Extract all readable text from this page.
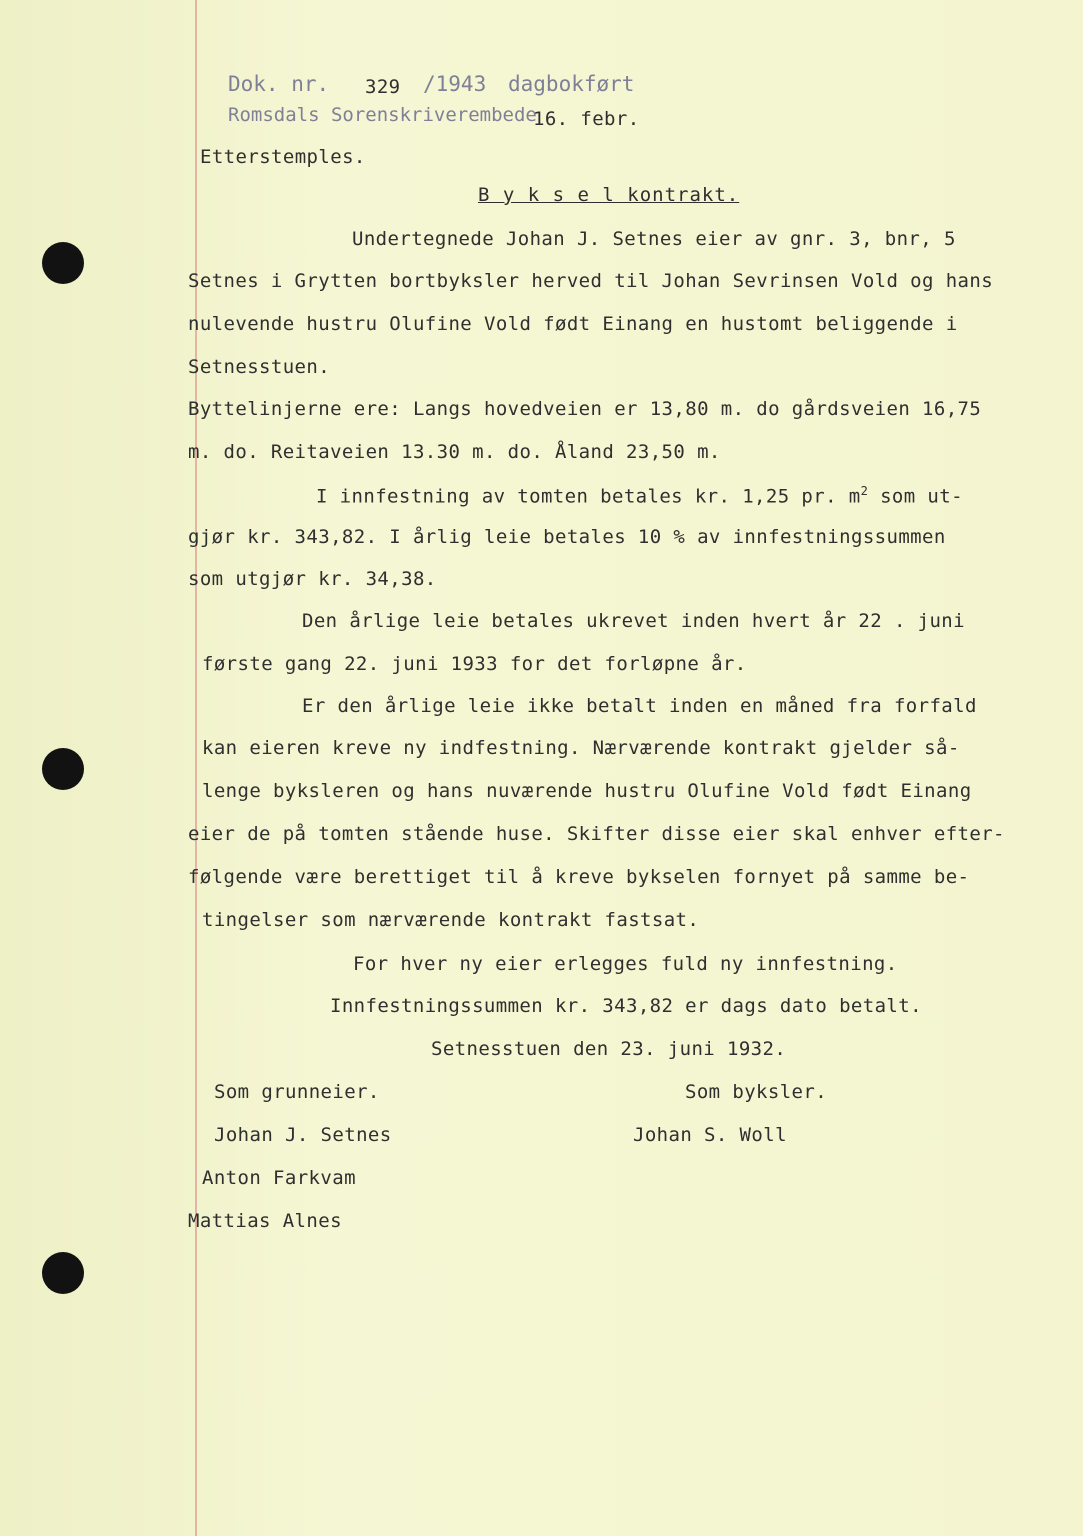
Dok. nr. 329 /1943 dagbokført
Romsdals Sorenskriverembede
16. febr.
Etterstemples.
B y k s e l kontrakt.
Undertegnede Johan J. Setnes eier av gnr. 3, bnr, 5
Setnes i Grytten bortbyksler herved til Johan Sevrinsen Vold og hans
nulevende hustru Olufine Vold født Einang en hustomt beliggende i
Setnesstuen.
Byttelinjerne ere: Langs hovedveien er 13,80 m. do gårdsveien 16,75
m. do. Reitaveien 13.30 m. do. Åland 23,50 m.
I innfestning av tomten betales kr. 1,25 pr. $m^2$ som ut-
gjør kr. 343,82. I årlig leie betales 10 % av innfestningssummen
som utgjør kr. 34,38.
Den årlige leie betales ukrevet inden hvert år 22 . juni
første gang 22. juni 1933 for det forløpne år.
Er den årlige leie ikke betalt inden en måned fra forfald
kan eieren kreve ny indfestning. Nærværende kontrakt gjelder så-
lenge byksleren og hans nuværende hustru Olufine Vold født Einang
eier de på tomten stående huse. Skifter disse eier skal enhver efter-
følgende være berettiget til å kreve bykselen fornyet på samme be-
tingelser som nærværende kontrakt fastsat.
For hver ny eier erlegges fuld ny innfestning.
Innfestningssummen kr. 343,82 er dags dato betalt.
Setnesstuen den 23. juni 1932.
Som grunneier.	Som byksler.
Johan J. Setnes	Johan S. Woll
Anton Farkvam
Mattias Alnes
